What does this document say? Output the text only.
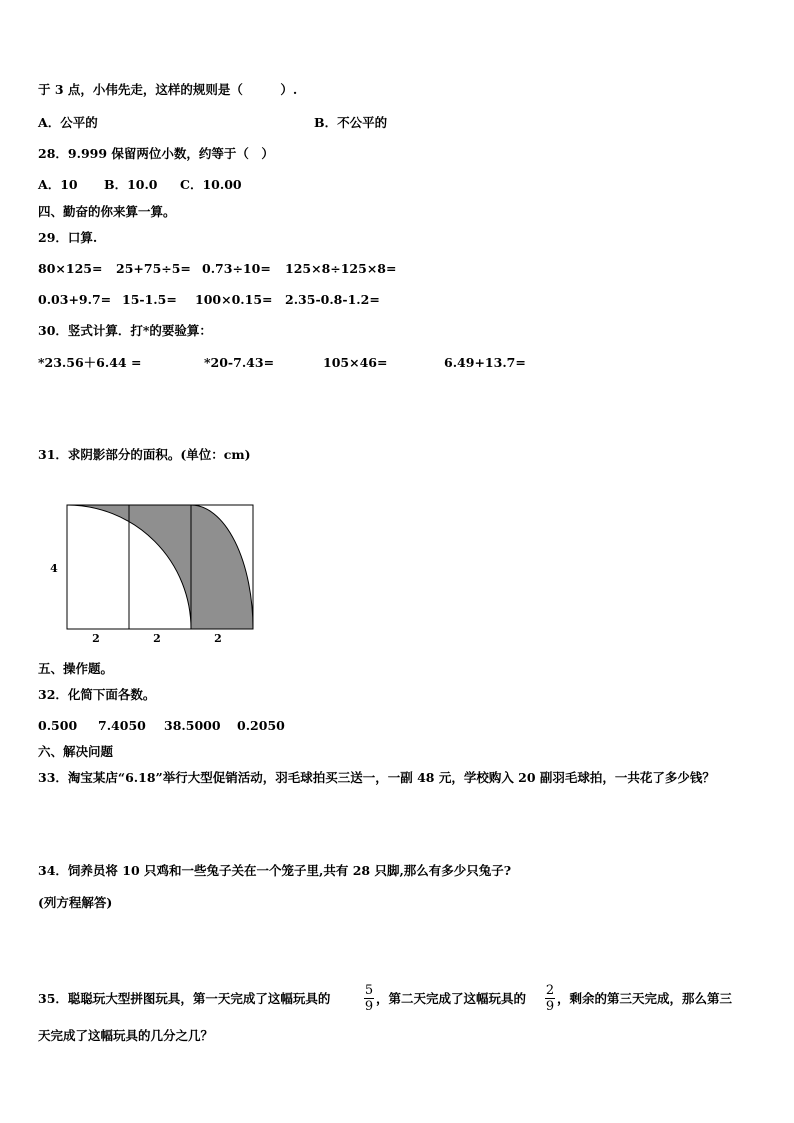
于 3 点，小伟先走，这样的规则是（　　　）.
A．公平的	B．不公平的
28．9.999 保留两位小数，约等于（　）
A．10 B．10.0 C．10.00
四、勤奋的你来算一算。
29．口算.
80×125= 25+75÷5= 0.73÷10= 125×8÷125×8=
0.03+9.7= 15-1.5= 100×0.15= 2.35-0.8-1.2=
30．竖式计算．打*的要验算：
*23.56＋6.44 =	*20-7.43=	105×46=	6.49+13.7=
31．求阴影部分的面积。(单位：cm)
4
2	2	2
五、操作题。
32．化简下面各数。
0.500 7.4050 38.5000 0.2050
六、解决问题
33．淘宝某店“6.18”举行大型促销活动，羽毛球拍买三送一，一副 48 元，学校购入 20 副羽毛球拍，一共花了多少钱？
34．饲养员将 10 只鸡和一些兔子关在一个笼子里,共有 28 只脚,那么有多少只兔子?
(列方程解答)
35．聪聪玩大型拼图玩具，第一天完成了这幅玩具的
5
9
，第二天完成了这幅玩具的
2
9
，剩余的第三天完成，那么第三
天完成了这幅玩具的几分之几？
